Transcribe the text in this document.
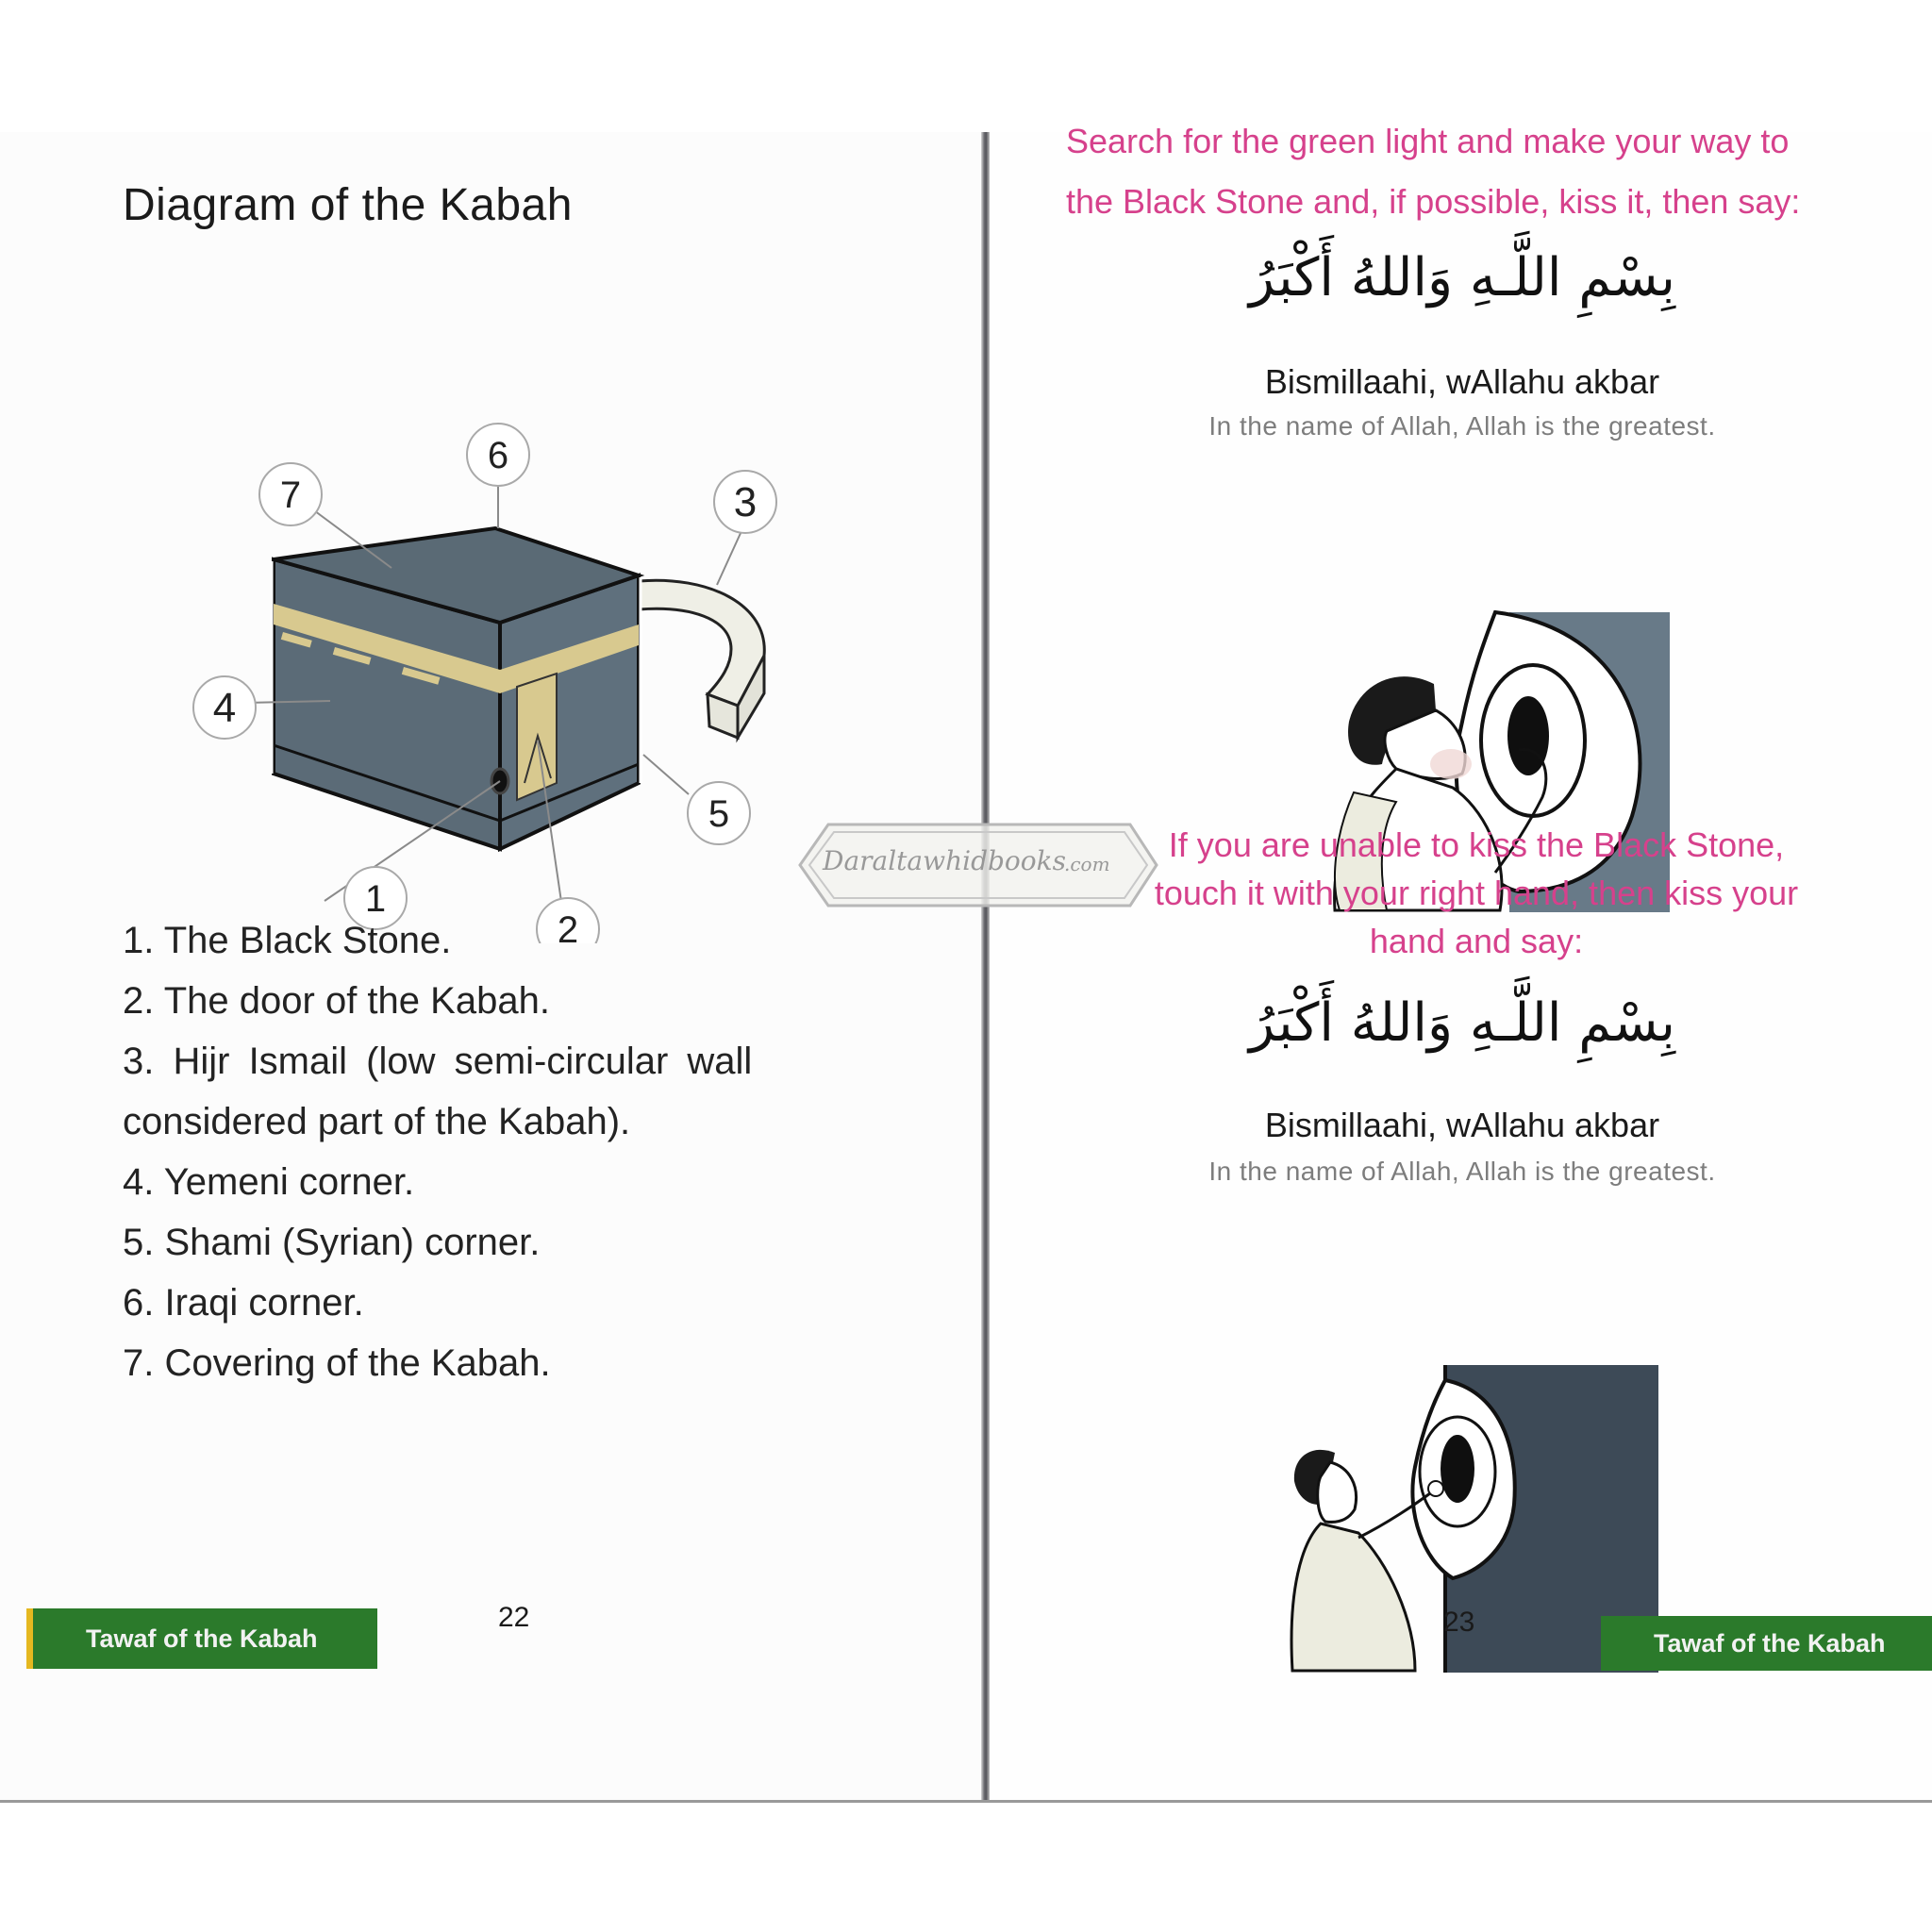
Diagram of the Kabah
6
7	3
4
5
1
2
1. The Black Stone.
2. The door of the Kabah.
3. Hijr Ismail (low semi-circular wall
considered part of the Kabah).
4. Yemeni corner.
5. Shami (Syrian) corner.
6. Iraqi corner.
7. Covering of the Kabah.
Tawaf of the Kabah
22
Search for the green light and make your way to
the Black Stone and, if possible, kiss it, then say:
بِسْمِ اللَّـهِ وَاللهُ أَكْبَرُ
Bismillaahi, wAllahu akbar
In the name of Allah, Allah is the greatest.
If you are unable to kiss the Black Stone,
touch it with your right hand, then kiss your
hand and say:
بِسْمِ اللَّـهِ وَاللهُ أَكْبَرُ
Bismillaahi, wAllahu akbar
In the name of Allah, Allah is the greatest.
Tawaf of the Kabah
23
Daraltawhidbooks
.com
